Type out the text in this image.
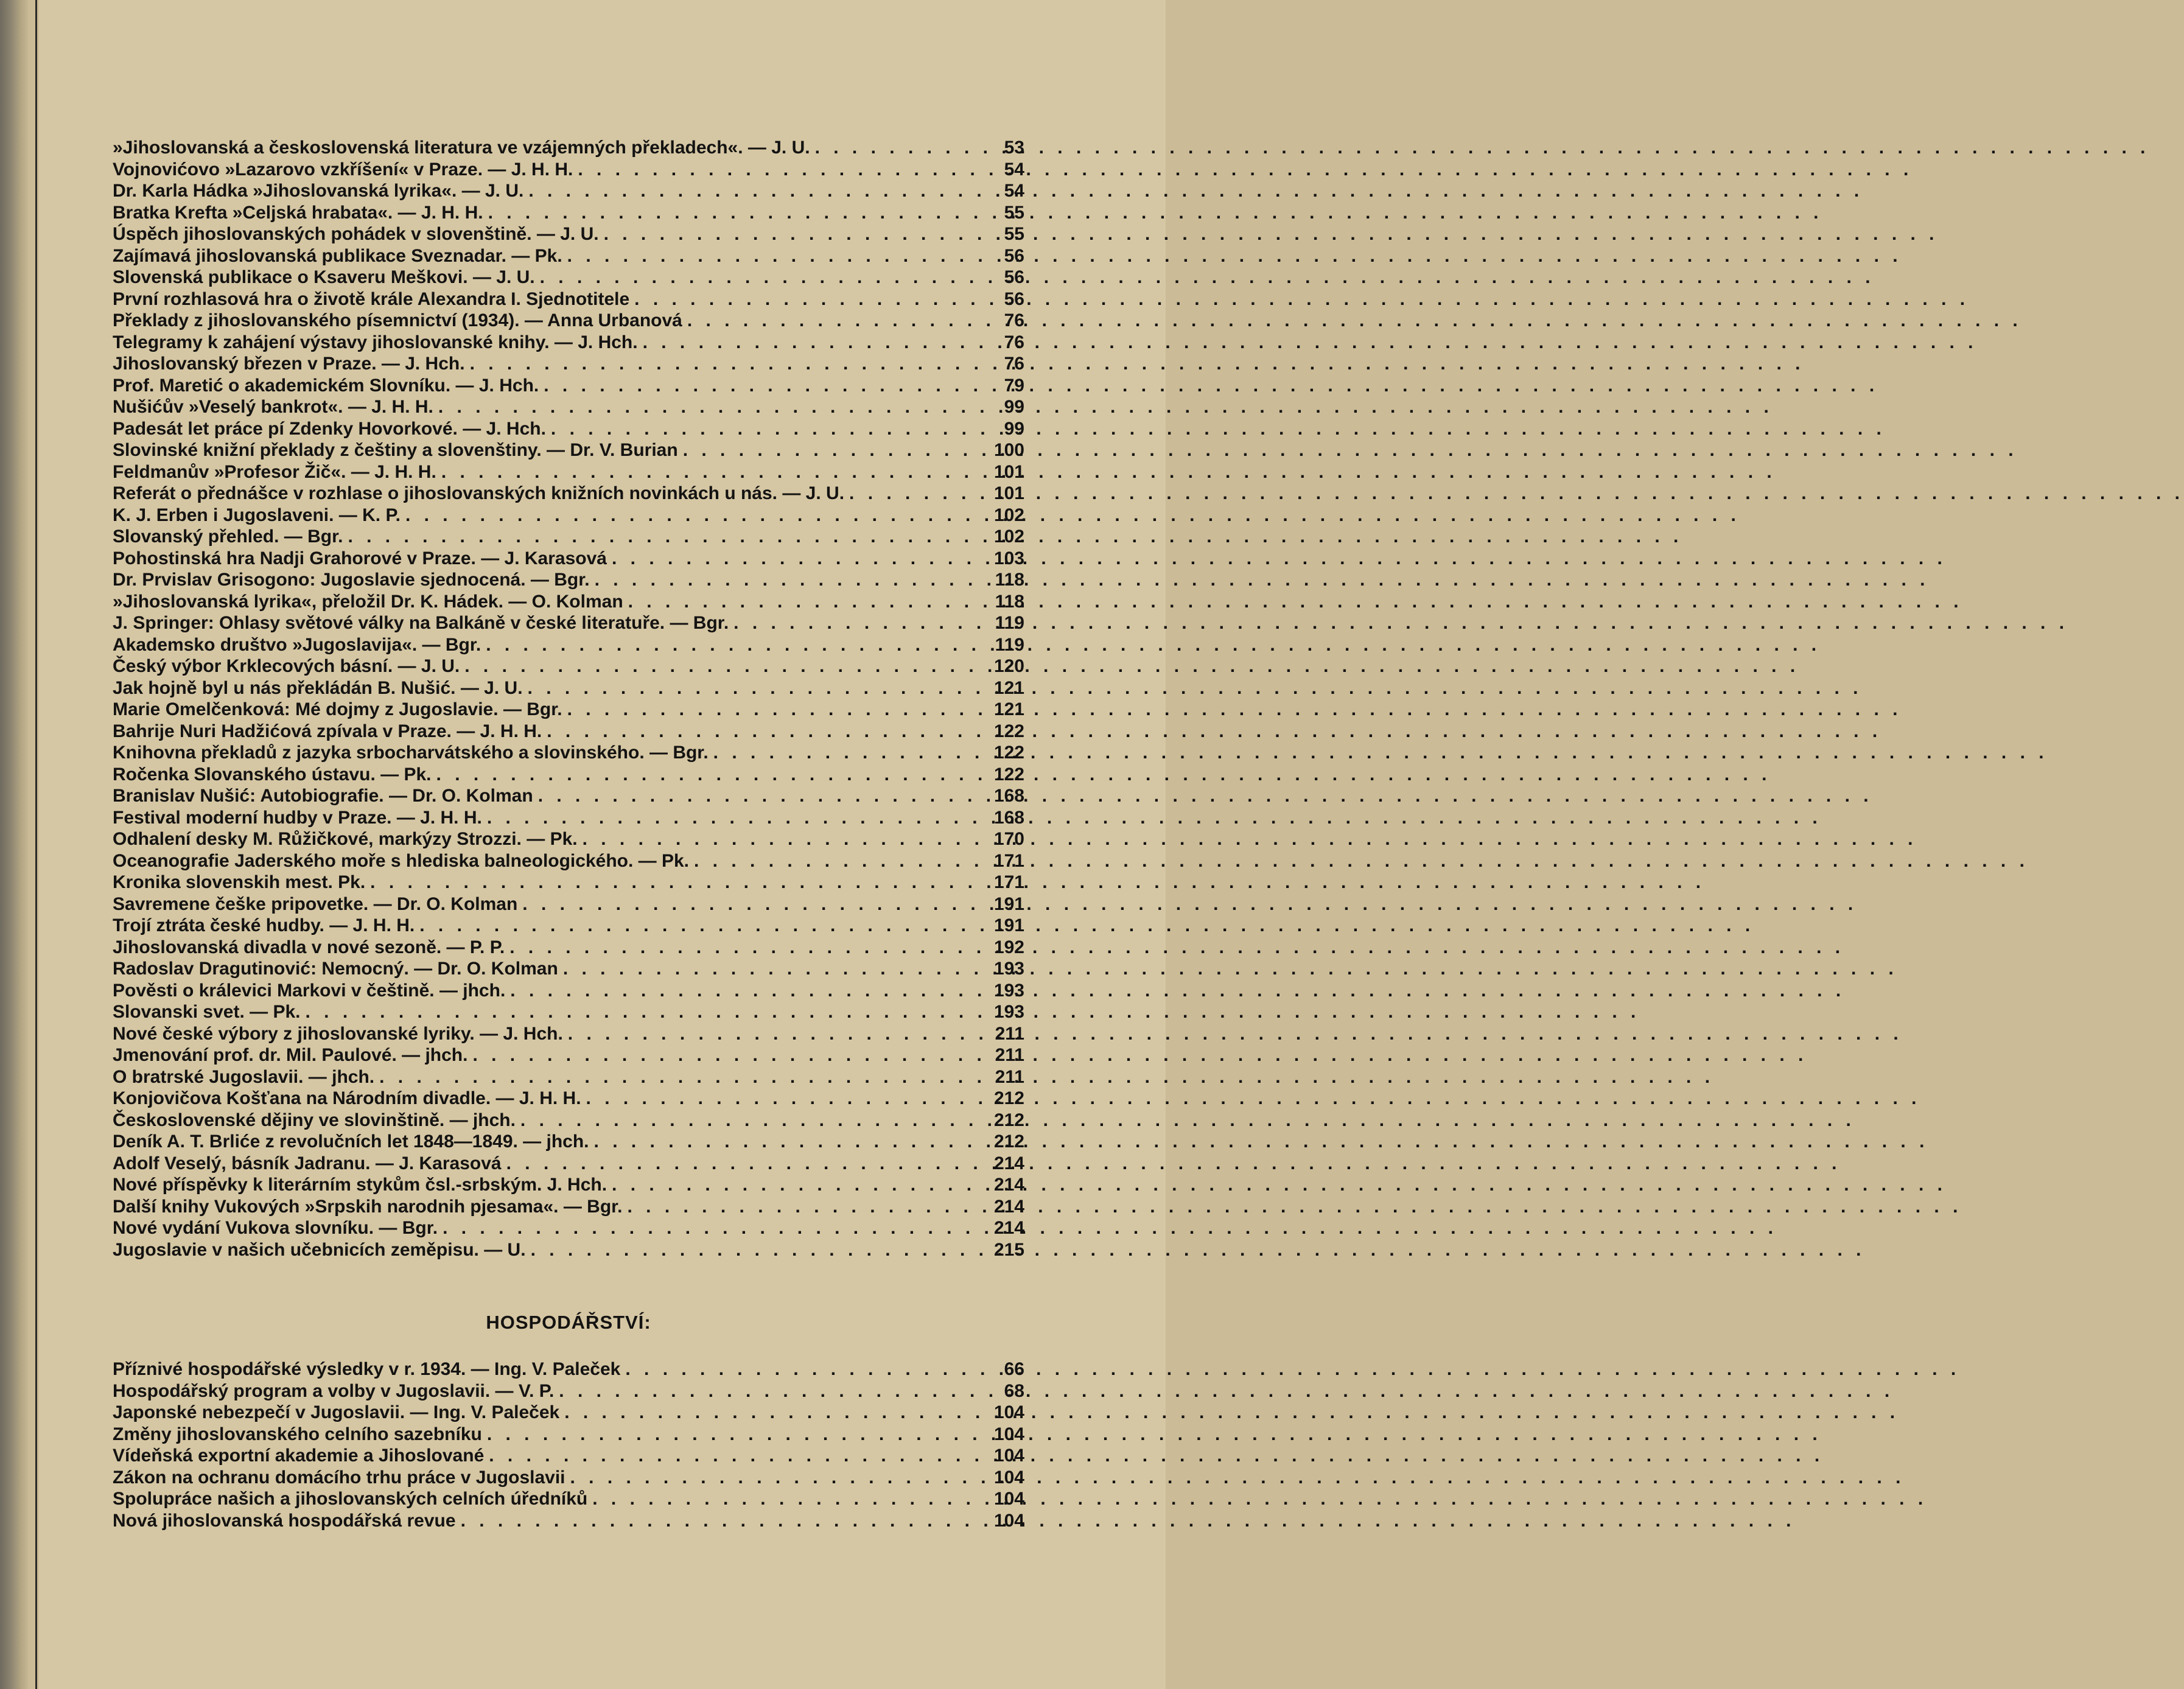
»Jihoslovanská a československá literatura ve vzájemných překladech«. — J. U. . . .	53
Vojnovićovo »Lazarovo vzkříšení« v Praze. — J. H. H. . . .	54
Dr. Karla Hádka »Jihoslovanská lyrika«. — J. U. . . .	54
Bratka Krefta »Celjská hrabata«. — J. H. H. . . .	55
Úspěch jihoslovanských pohádek v slovenštině. — J. U. . . .	55
Zajímavá jihoslovanská publikace Sveznadar. — Pk. . . .	56
Slovenská publikace o Ksaveru Meškovi. — J. U. . . .	56
První rozhlasová hra o životě krále Alexandra I. Sjednotitele . . .	56
Překlady z jihoslovanského písemnictví (1934). — Anna Urbanová . . .	76
Telegramy k zahájení výstavy jihoslovanské knihy. — J. Hch. . . .	76
Jihoslovanský březen v Praze. — J. Hch. . . .	76
Prof. Maretić o akademickém Slovníku. — J. Hch. . . .	79
Nušićův »Veselý bankrot«. — J. H. H. . . .	99
Padesát let práce pí Zdenky Hovorkové. — J. Hch. . . .	99
Slovinské knižní překlady z češtiny a slovenštiny. — Dr. V. Burian . . .	100
Feldmanův »Profesor Žič«. — J. H. H. . . .	101
Referát o přednášce v rozhlase o jihoslovanských knižních novinkách u nás. — J. U. . . .	101
K. J. Erben i Jugoslaveni. — K. P. . . .	102
Slovanský přehled. — Bgr. . . .	102
Pohostinská hra Nadji Grahorové v Praze. — J. Karasová . . .	103
Dr. Prvislav Grisogono: Jugoslavie sjednocená. — Bgr. . . .	118
»Jihoslovanská lyrika«, přeložil Dr. K. Hádek. — O. Kolman . . .	118
J. Springer: Ohlasy světové války na Balkáně v české literatuře. — Bgr. . . .	119
Akademsko društvo »Jugoslavija«. — Bgr. . . .	119
Český výbor Krklecových básní. — J. U. . . .	120
Jak hojně byl u nás překládán B. Nušić. — J. U. . . .	121
Marie Omelčenková: Mé dojmy z Jugoslavie. — Bgr. . . .	121
Bahrije Nuri Hadžićová zpívala v Praze. — J. H. H. . . .	122
Knihovna překladů z jazyka srbocharvátského a slovinského. — Bgr. . . .	122
Ročenka Slovanského ústavu. — Pk. . . .	122
Branislav Nušić: Autobiografie. — Dr. O. Kolman . . .	168
Festival moderní hudby v Praze. — J. H. H. . . .	168
Odhalení desky M. Růžičkové, markýzy Strozzi. — Pk. . . .	170
Oceanografie Jaderského moře s hlediska balneologického. — Pk. . . .	171
Kronika slovenskih mest. Pk. . . .	171
Savremene češke pripovetke. — Dr. O. Kolman . . .	191
Trojí ztráta české hudby. — J. H. H. . . .	191
Jihoslovanská divadla v nové sezoně. — P. P. . . .	192
Radoslav Dragutinović: Nemocný. — Dr. O. Kolman . . .	193
Pověsti o králevici Markovi v češtině. — jhch. . . .	193
Slovanski svet. — Pk. . . .	193
Nové české výbory z jihoslovanské lyriky. — J. Hch. . . .	211
Jmenování prof. dr. Mil. Paulové. — jhch. . . .	211
O bratrské Jugoslavii. — jhch. . . .	211
Konjovičova Košťana na Národním divadle. — J. H. H. . . .	212
Československé dějiny ve slovinštině. — jhch. . . .	212
Deník A. T. Brliće z revolučních let 1848—1849. — jhch. . . .	212
Adolf Veselý, básník Jadranu. — J. Karasová . . .	214
Nové příspěvky k literárním stykům čsl.-srbským. J. Hch. . . .	214
Další knihy Vukových »Srpskih narodnih pjesama«. — Bgr. . . .	214
Nové vydání Vukova slovníku. — Bgr. . . .	214
Jugoslavie v našich učebnicích zeměpisu. — U. . . .	215
HOSPODÁŘSTVÍ:
Příznivé hospodářské výsledky v r. 1934. — Ing. V. Paleček . . .	66
Hospodářský program a volby v Jugoslavii. — V. P. . . .	68
Japonské nebezpečí v Jugoslavii. — Ing. V. Paleček . . .	104
Změny jihoslovanského celního sazebníku . . .	104
Vídeňská exportní akademie a Jihoslované . . .	104
Zákon na ochranu domácího trhu práce v Jugoslavii . . .	104
Spolupráce našich a jihoslovanských celních úředníků . . .	104
Nová jihoslovanská hospodářská revue . . .	104
